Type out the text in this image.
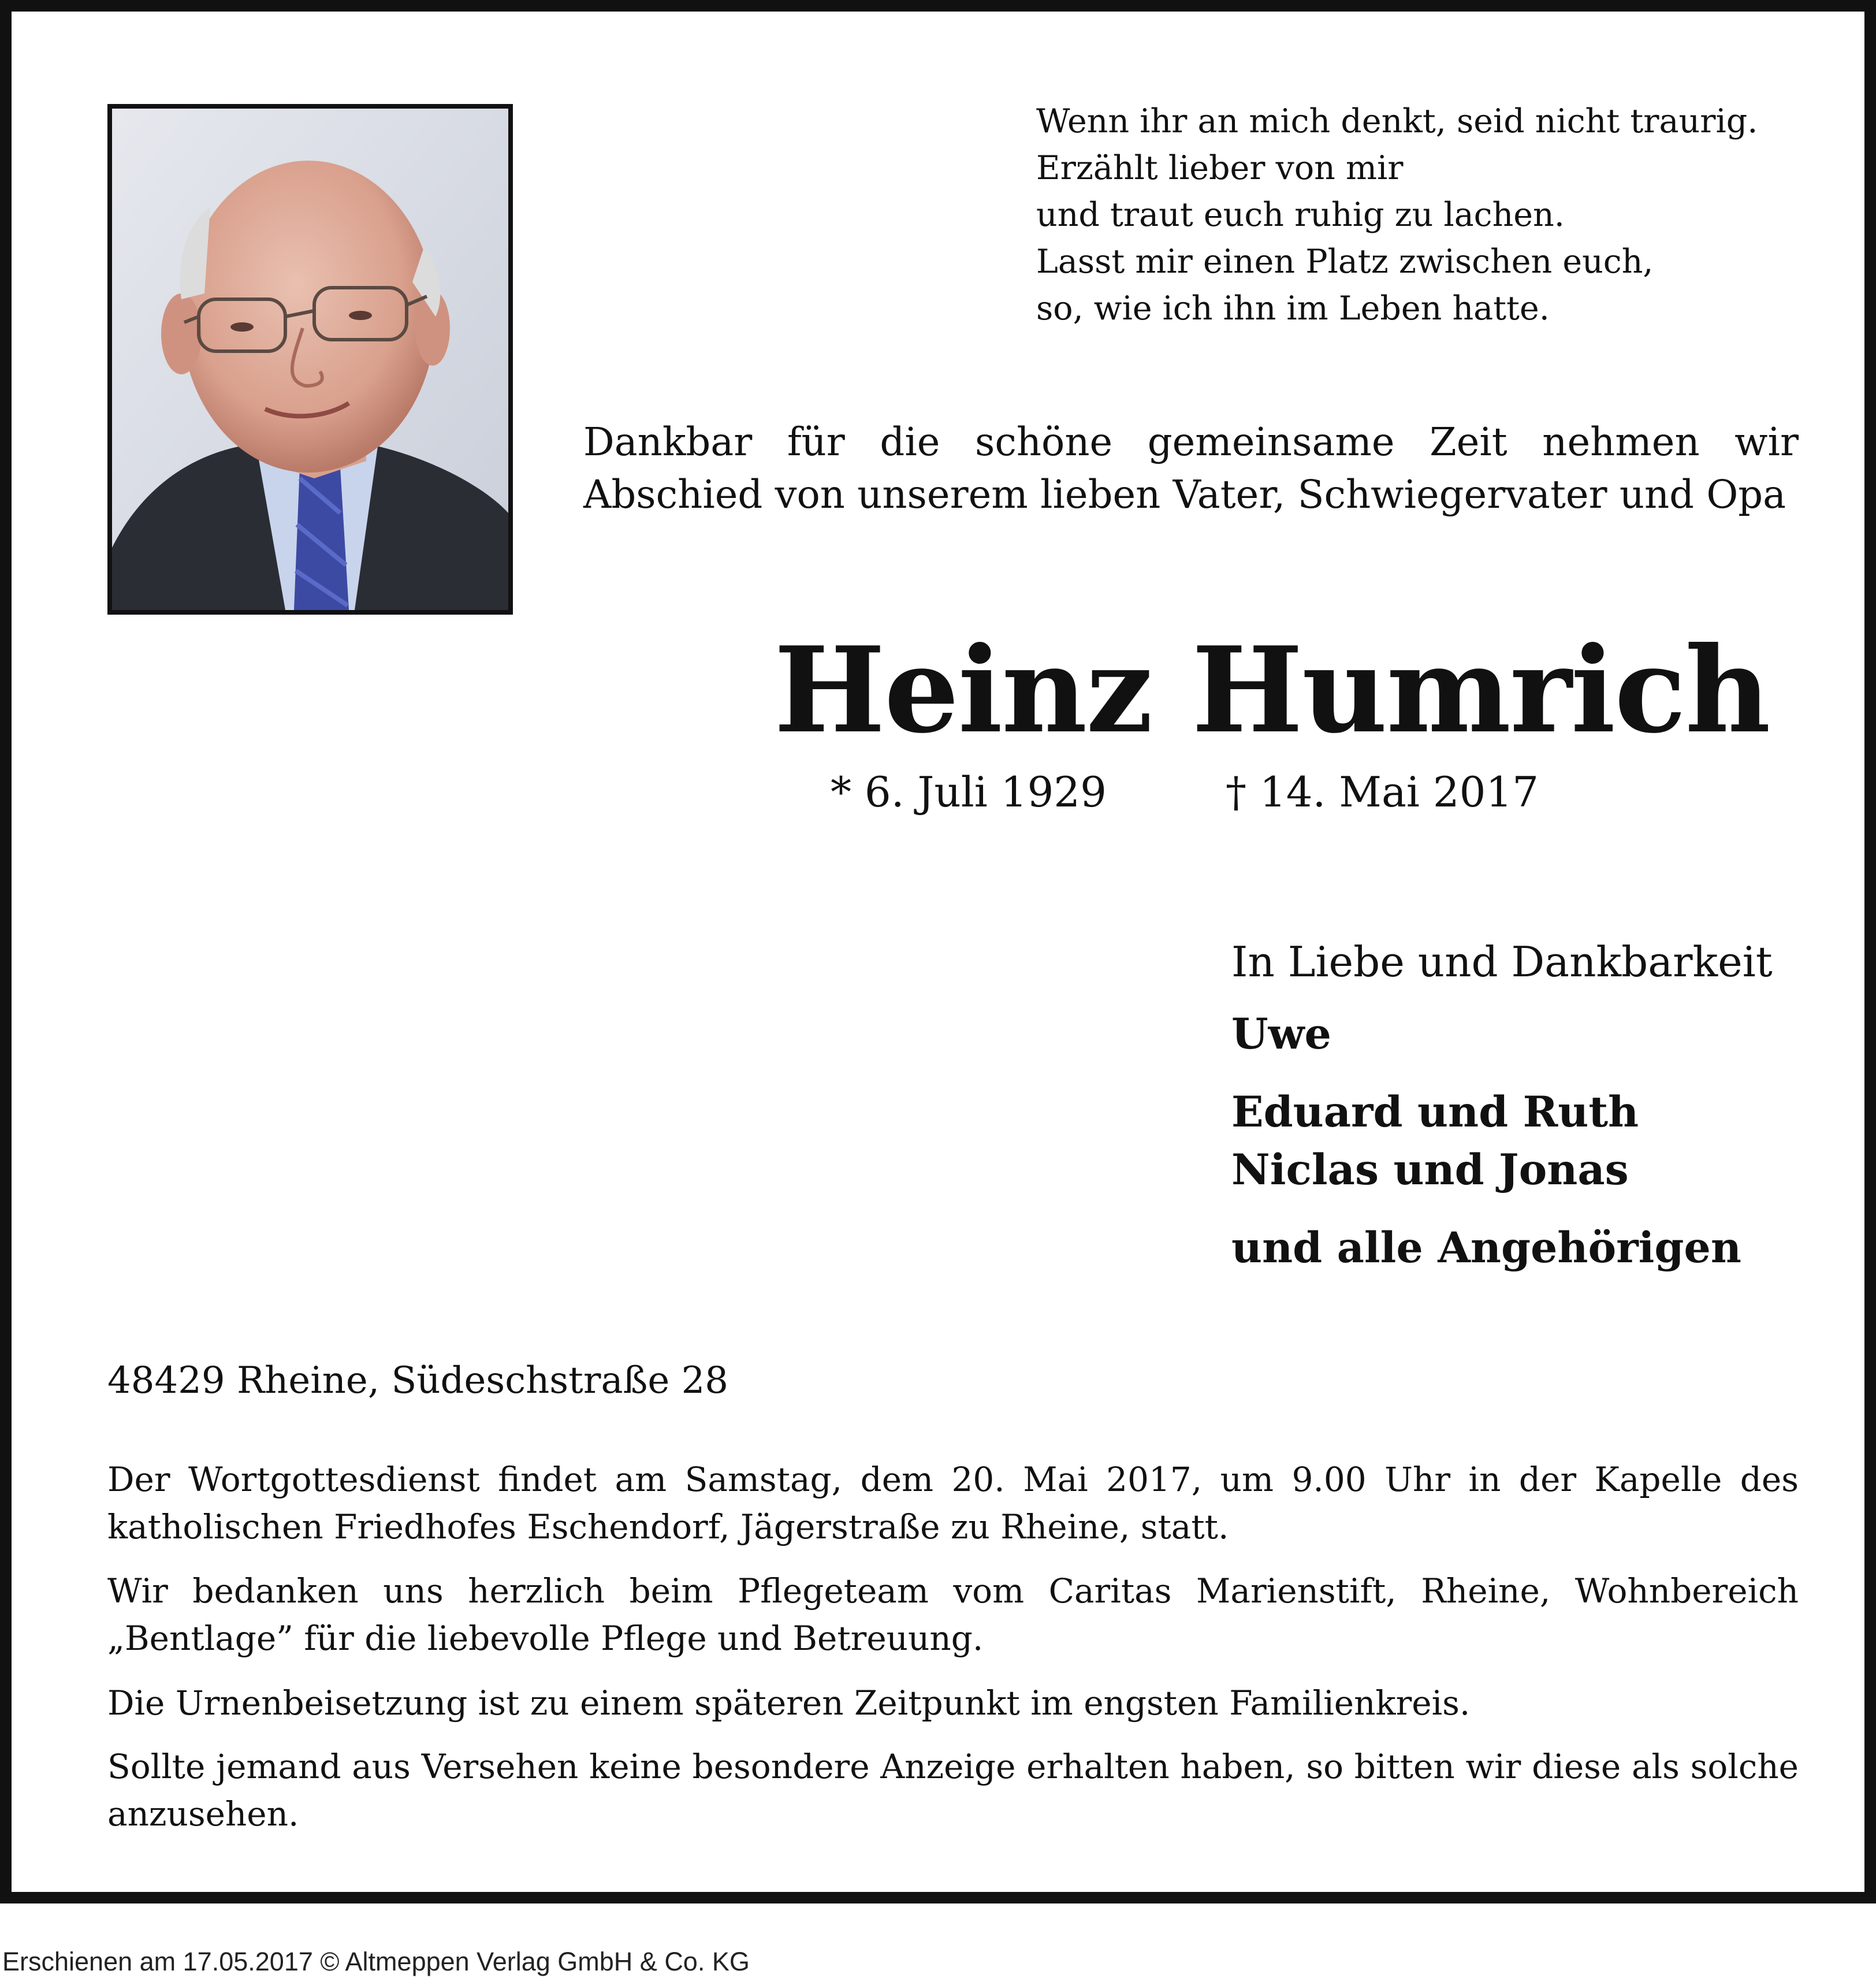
Wenn ihr an mich denkt, seid nicht traurig.
Erzählt lieber von mir
und traut euch ruhig zu lachen.
Lasst mir einen Platz zwischen euch,
so, wie ich ihn im Leben hatte.
Dankbar für die schöne gemeinsame Zeit nehmen wir Abschied von unserem lieben Vater, Schwiegervater und Opa
Heinz Humrich
* 6. Juli 1929	† 14. Mai 2017
In Liebe und Dankbarkeit
Uwe
Eduard und Ruth
Niclas und Jonas
und alle Angehörigen
48429 Rheine, Südeschstraße 28
Der Wortgottesdienst findet am Samstag, dem 20. Mai 2017, um 9.00 Uhr in der Kapelle des katholischen Friedhofes Eschendorf, Jägerstraße zu Rheine, statt.
Wir bedanken uns herzlich beim Pflegeteam vom Caritas Marienstift, Rheine, Wohnbereich „Bentlage” für die liebevolle Pflege und Betreuung.
Die Urnenbeisetzung ist zu einem späteren Zeitpunkt im engsten Familienkreis.
Sollte jemand aus Versehen keine besondere Anzeige erhalten haben, so bitten wir diese als solche anzusehen.
Erschienen am 17.05.2017 © Altmeppen Verlag GmbH & Co. KG
